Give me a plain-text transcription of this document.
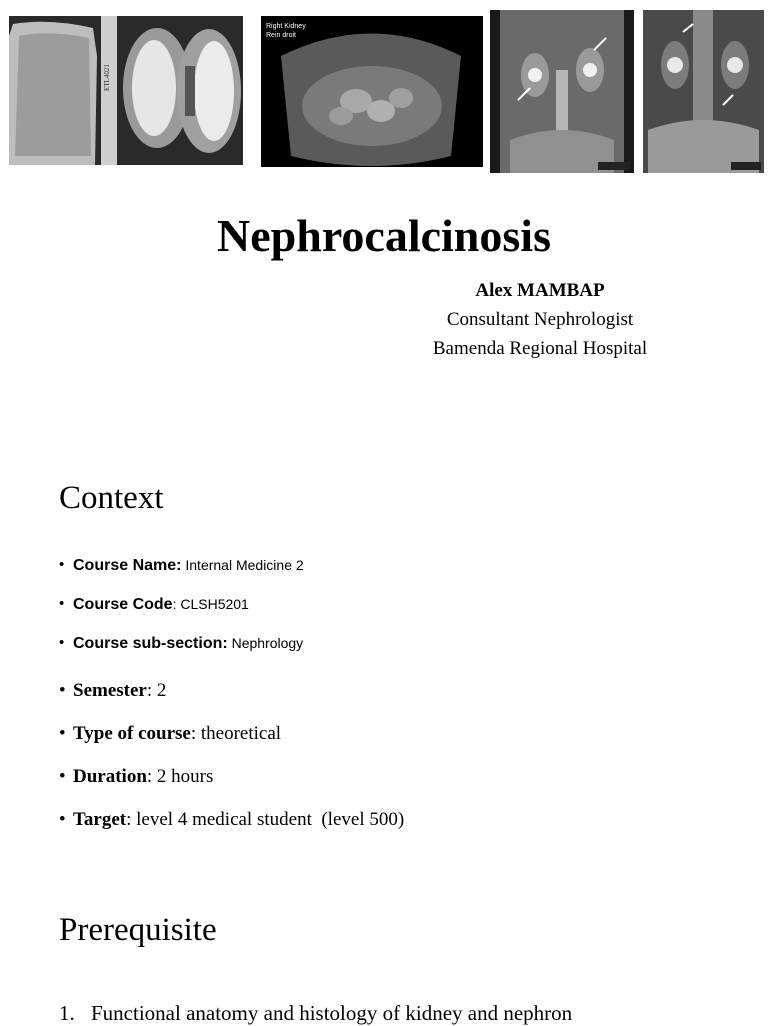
ETL4021
Right Kidney
Rein droit
Nephrocalcinosis
Alex MAMBAP
Consultant Nephrologist
Bamenda Regional Hospital
Context
• Course Name: Internal Medicine 2
• Course Code: CLSH5201
• Course sub-section: Nephrology
• Semester: 2
• Type of course: theoretical
• Duration: 2 hours
• Target: level 4 medical student  (level 500)
Prerequisite
1. Functional anatomy and histology of kidney and nephron
